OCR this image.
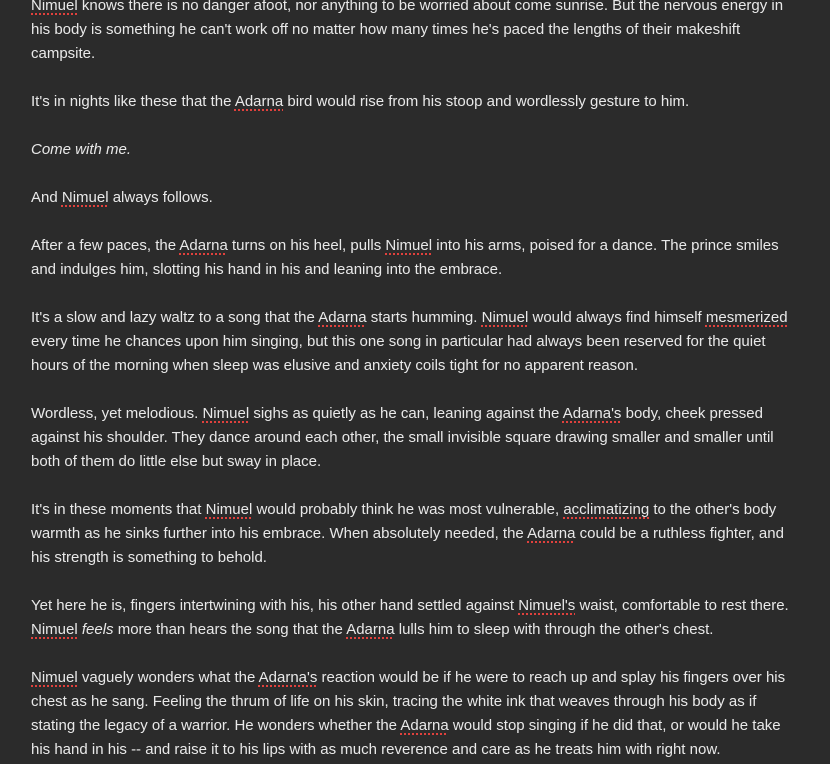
Nimuel knows there is no danger afoot, nor anything to be worried about come sunrise. But the nervous energy in his body is something he can't work off no matter how many times he's paced the lengths of their makeshift campsite.

It's in nights like these that the Adarna bird would rise from his stoop and wordlessly gesture to him.

Come with me.

And Nimuel always follows.

After a few paces, the Adarna turns on his heel, pulls Nimuel into his arms, poised for a dance. The prince smiles and indulges him, slotting his hand in his and leaning into the embrace.

It's a slow and lazy waltz to a song that the Adarna starts humming. Nimuel would always find himself mesmerized every time he chances upon him singing, but this one song in particular had always been reserved for the quiet hours of the morning when sleep was elusive and anxiety coils tight for no apparent reason.

Wordless, yet melodious. Nimuel sighs as quietly as he can, leaning against the Adarna's body, cheek pressed against his shoulder. They dance around each other, the small invisible square drawing smaller and smaller until both of them do little else but sway in place.

It's in these moments that Nimuel would probably think he was most vulnerable, acclimatizing to the other's body warmth as he sinks further into his embrace. When absolutely needed, the Adarna could be a ruthless fighter, and his strength is something to behold.

Yet here he is, fingers intertwining with his, his other hand settled against Nimuel's waist, comfortable to rest there. Nimuel feels more than hears the song that the Adarna lulls him to sleep with through the other's chest.

Nimuel vaguely wonders what the Adarna's reaction would be if he were to reach up and splay his fingers over his chest as he sang. Feeling the thrum of life on his skin, tracing the white ink that weaves through his body as if stating the legacy of a warrior. He wonders whether the Adarna would stop singing if he did that, or would he take his hand in his -- and raise it to his lips with as much reverence and care as he treats him with right now.
